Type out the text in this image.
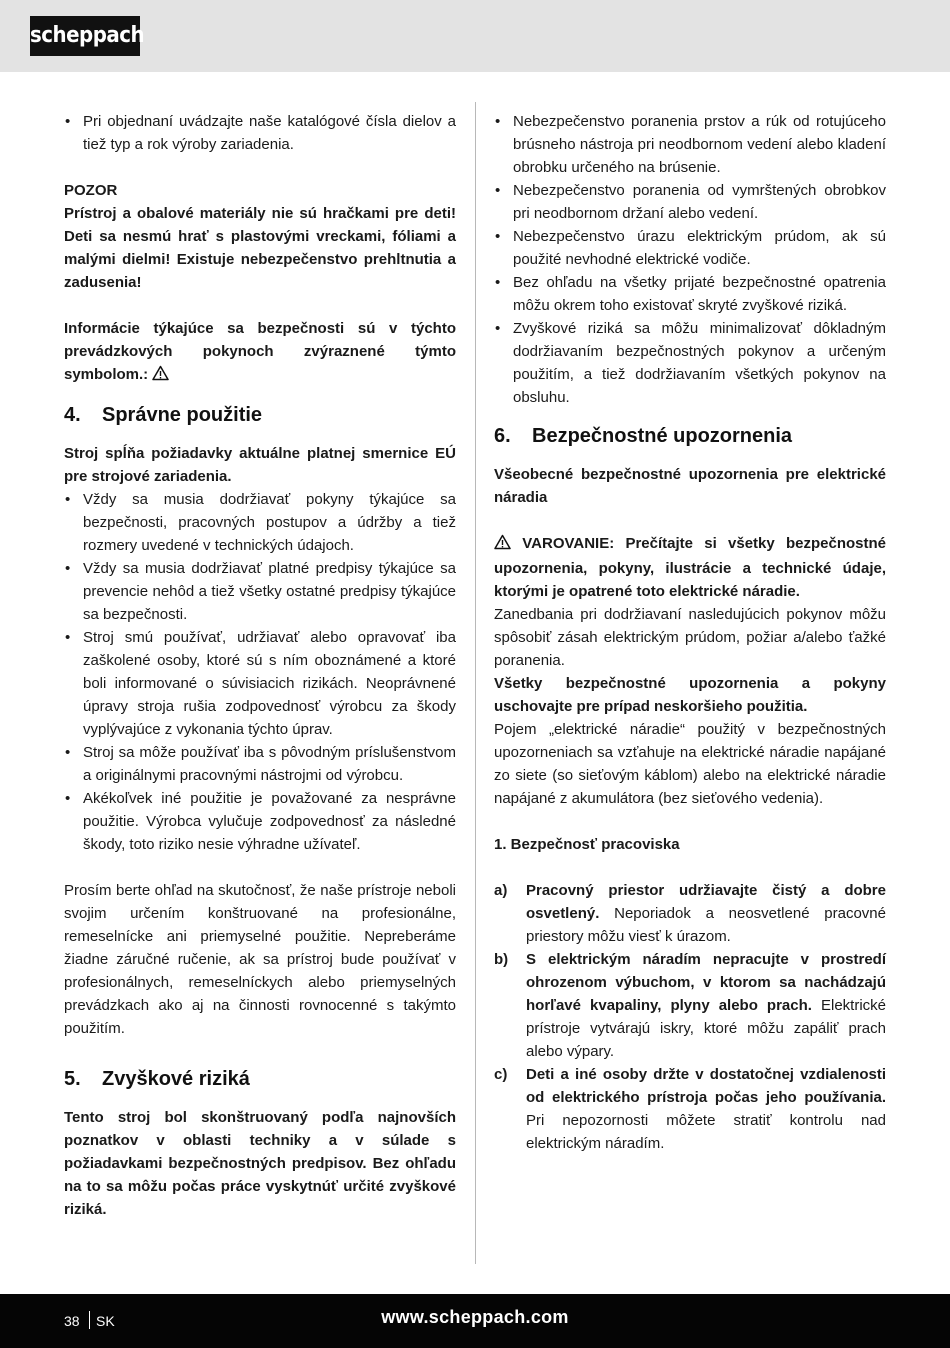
scheppach
• Pri objednaní uvádzajte naše katalógové čísla dielov a tiež typ a rok výroby zariadenia.

POZOR

Prístroj a obalové materiály nie sú hračkami pre deti! Deti sa nesmú hrať s plastovými vreckami, fóliami a malými dielmi! Existuje nebezpečenstvo prehltnutia a zadusenia!

Informácie týkajúce sa bezpečnosti sú v týchto prevádzkových pokynoch zvýraznené týmto symbolom.:

4. Správne použitie

Stroj spĺňa požiadavky aktuálne platnej smernice EÚ pre strojové zariadenia.

• Vždy sa musia dodržiavať pokyny týkajúce sa bezpečnosti, pracovných postupov a údržby a tiež rozmery uvedené v technických údajoch.
• Vždy sa musia dodržiavať platné predpisy týkajúce sa prevencie nehôd a tiež všetky ostatné predpisy týkajúce sa bezpečnosti.
• Stroj smú používať, udržiavať alebo opravovať iba zaškolené osoby, ktoré sú s ním oboznámené a ktoré boli informované o súvisiacich rizikách. Neoprávnené úpravy stroja rušia zodpovednosť výrobcu za škody vyplývajúce z vykonania týchto úprav.
• Stroj sa môže používať iba s pôvodným príslušenstvom a originálnymi pracovnými nástrojmi od výrobcu.
• Akékoľvek iné použitie je považované za nesprávne použitie. Výrobca vylučuje zodpovednosť za následné škody, toto riziko nesie výhradne užívateľ.

Prosím berte ohľad na skutočnosť, že naše prístroje neboli svojim určením konštruované na profesionálne, remeselnícke ani priemyselné použitie. Nepreberáme žiadne záručné ručenie, ak sa prístroj bude používať v profesionálnych, remeselníckych alebo priemyselných prevádzkach ako aj na činnosti rovnocenné s takýmto použitím.

5. Zvyškové riziká

Tento stroj bol skonštruovaný podľa najnovších poznatkov v oblasti techniky a v súlade s požiadavkami bezpečnostných predpisov. Bez ohľadu na to sa môžu počas práce vyskytnúť určité zvyškové riziká.

• Nebezpečenstvo poranenia prstov a rúk od rotujúceho brúsneho nástroja pri neodbornom vedení alebo kladení obrobku určeného na brúsenie.
• Nebezpečenstvo poranenia od vymrštených obrobkov pri neodbornom držaní alebo vedení.
• Nebezpečenstvo úrazu elektrickým prúdom, ak sú použité nevhodné elektrické vodiče.
• Bez ohľadu na všetky prijaté bezpečnostné opatrenia môžu okrem toho existovať skryté zvyškové riziká.
• Zvyškové riziká sa môžu minimalizovať dôkladným dodržiavaním bezpečnostných pokynov a určeným použitím, a tiež dodržiavaním všetkých pokynov na obsluhu.
6. Bezpečnostné upozornenia

Všeobecné bezpečnostné upozornenia pre elektrické náradia

VAROVANIE: Prečítajte si všetky bezpečnostné upozornenia, pokyny, ilustrácie a technické údaje, ktorými je opatrené toto elektrické náradie.

Zanedbania pri dodržiavaní nasledujúcich pokynov môžu spôsobiť zásah elektrickým prúdom, požiar a/alebo ťažké poranenia.

Všetky bezpečnostné upozornenia a pokyny uschovajte pre prípad neskoršieho použitia.

Pojem „elektrické náradie“ použitý v bezpečnostných upozorneniach sa vzťahuje na elektrické náradie napájané zo siete (so sieťovým káblom) alebo na elektrické náradie napájané z akumulátora (bez sieťového vedenia).

1. Bezpečnosť pracoviska

a) Pracovný priestor udržiavajte čistý a dobre osvetlený. Neporiadok a neosvetlené pracovné priestory môžu viesť k úrazom.
b) S elektrickým náradím nepracujte v prostredí ohrozenom výbuchom, v ktorom sa nachádzajú horľavé kvapaliny, plyny alebo prach. Elektrické prístroje vytvárajú iskry, ktoré môžu zapáliť prach alebo výpary.
c) Deti a iné osoby držte v dostatočnej vzdialenosti od elektrického prístroja počas jeho používania. Pri nepozornosti môžete stratiť kontrolu nad elektrickým náradím.
38 SK	www.scheppach.com
